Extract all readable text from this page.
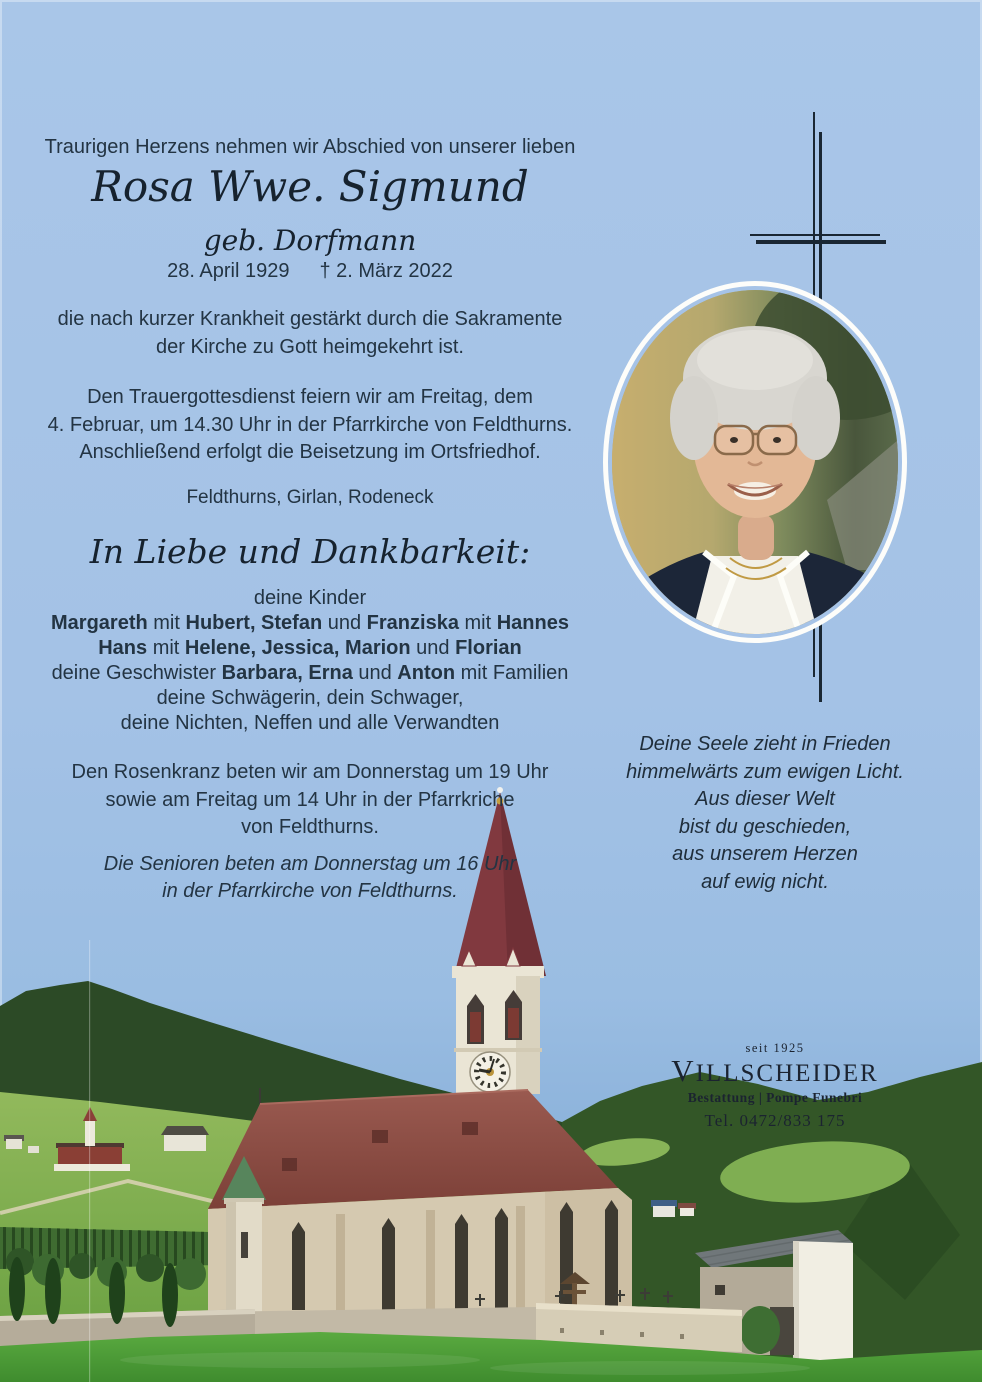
Traurigen Herzens nehmen wir Abschied von unserer lieben
Rosa Wwe. Sigmund
geb. Dorfmann
28. April 1929 † 2. März 2022
die nach kurzer Krankheit gestärkt durch die Sakramente
der Kirche zu Gott heimgekehrt ist.
Den Trauergottesdienst feiern wir am Freitag, dem
4. Februar, um 14.30 Uhr in der Pfarrkirche von Feldthurns.
Anschließend erfolgt die Beisetzung im Ortsfriedhof.
Feldthurns, Girlan, Rodeneck
In Liebe und Dankbarkeit:
deine Kinder
Margareth mit Hubert, Stefan und Franziska mit Hannes
Hans mit Helene, Jessica, Marion und Florian
deine Geschwister Barbara, Erna und Anton mit Familien
deine Schwägerin, dein Schwager,
deine Nichten, Neffen und alle Verwandten
Den Rosenkranz beten wir am Donnerstag um 19 Uhr
sowie am Freitag um 14 Uhr in der Pfarrkriche
von Feldthurns.
Die Senioren beten am Donnerstag um 16 Uhr
in der Pfarrkirche von Feldthurns.
Deine Seele zieht in Frieden
himmelwärts zum ewigen Licht.
Aus dieser Welt
bist du geschieden,
aus unserem Herzen
auf ewig nicht.
seit 1925
VILLSCHEIDER
Bestattung | Pompe Funebri
Tel. 0472/833 175
